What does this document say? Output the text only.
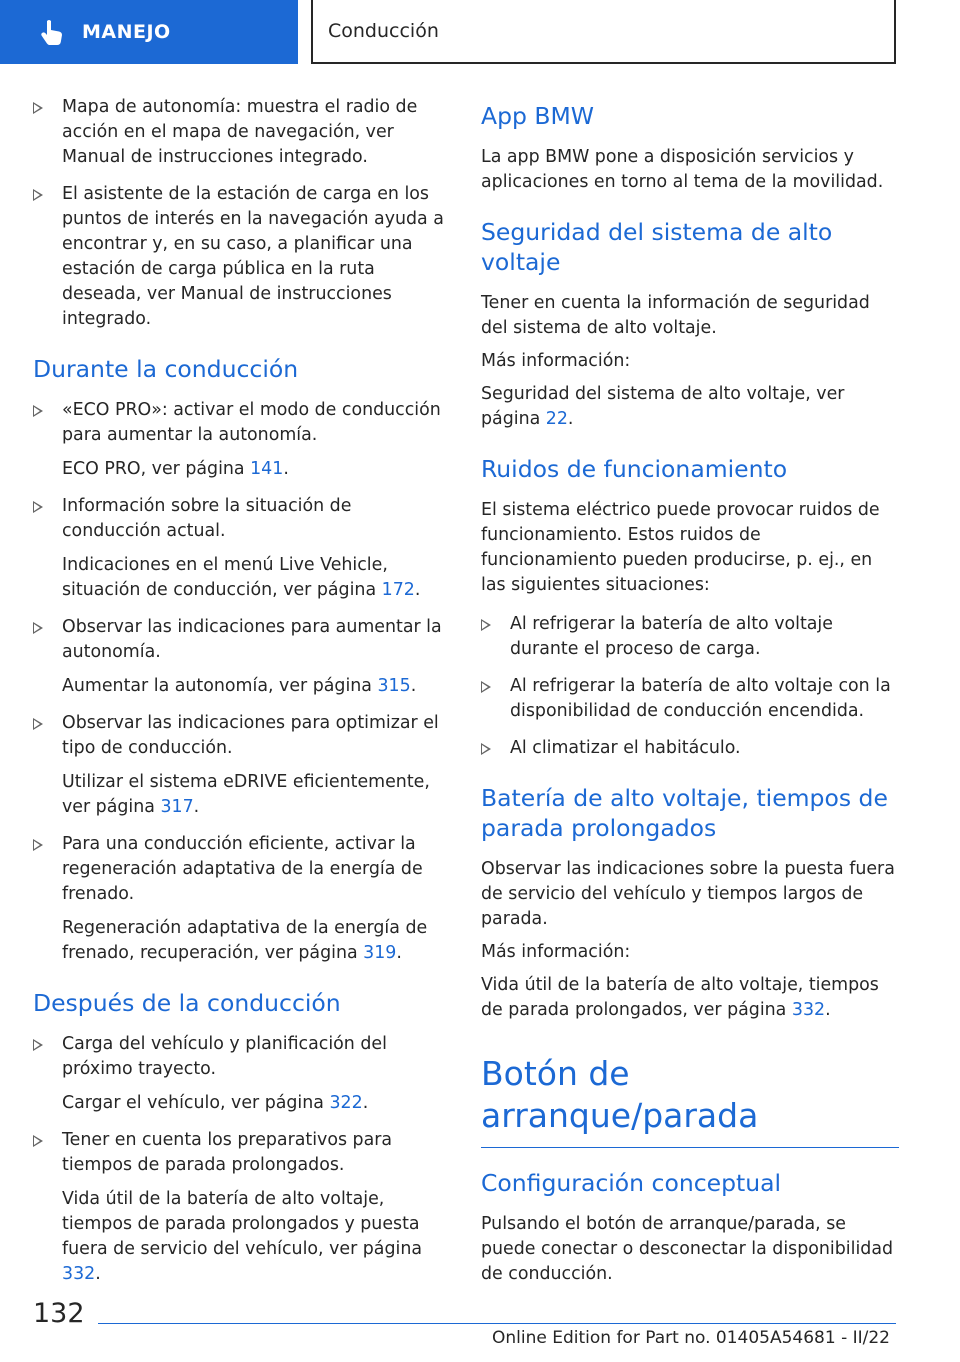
MANEJO	Conducción

Mapa de autonomía: muestra el radio de acción en el mapa de navegación, ver Manual de instrucciones integrado.

El asistente de la estación de carga en los puntos de interés en la navegación ayuda a encontrar y, en su caso, a planificar una estación de carga pública en la ruta deseada, ver Manual de instrucciones integrado.

Durante la conducción

«ECO PRO»: activar el modo de conducción para aumentar la autonomía.

ECO PRO, ver página 141.

Información sobre la situación de conducción actual.

Indicaciones en el menú Live Vehicle, situación de conducción, ver página 172.

Observar las indicaciones para aumentar la autonomía.

Aumentar la autonomía, ver página 315.

Observar las indicaciones para optimizar el tipo de conducción.

Utilizar el sistema eDRIVE eficientemente, ver página 317.

Para una conducción eficiente, activar la regeneración adaptativa de la energía de frenado.

Regeneración adaptativa de la energía de frenado, recuperación, ver página 319.

Después de la conducción

Carga del vehículo y planificación del próximo trayecto.

Cargar el vehículo, ver página 322.

Tener en cuenta los preparativos para tiempos de parada prolongados.

Vida útil de la batería de alto voltaje, tiempos de parada prolongados y puesta fuera de servicio del vehículo, ver página 332.

App BMW

La app BMW pone a disposición servicios y aplicaciones en torno al tema de la movilidad.

Seguridad del sistema de alto voltaje

Tener en cuenta la información de seguridad del sistema de alto voltaje.

Más información:

Seguridad del sistema de alto voltaje, ver página 22.

Ruidos de funcionamiento

El sistema eléctrico puede provocar ruidos de funcionamiento. Estos ruidos de funcionamiento pueden producirse, p. ej., en las siguientes situaciones:

Al refrigerar la batería de alto voltaje durante el proceso de carga.

Al refrigerar la batería de alto voltaje con la disponibilidad de conducción encendida.

Al climatizar el habitáculo.

Batería de alto voltaje, tiempos de parada prolongados

Observar las indicaciones sobre la puesta fuera de servicio del vehículo y tiempos largos de parada.

Más información:

Vida útil de la batería de alto voltaje, tiempos de parada prolongados, ver página 332.

Botón de arranque/parada
Configuración conceptual

Pulsando el botón de arranque/parada, se puede conectar o desconectar la disponibilidad de conducción.

132
Online Edition for Part no. 01405A54681 - II/22
